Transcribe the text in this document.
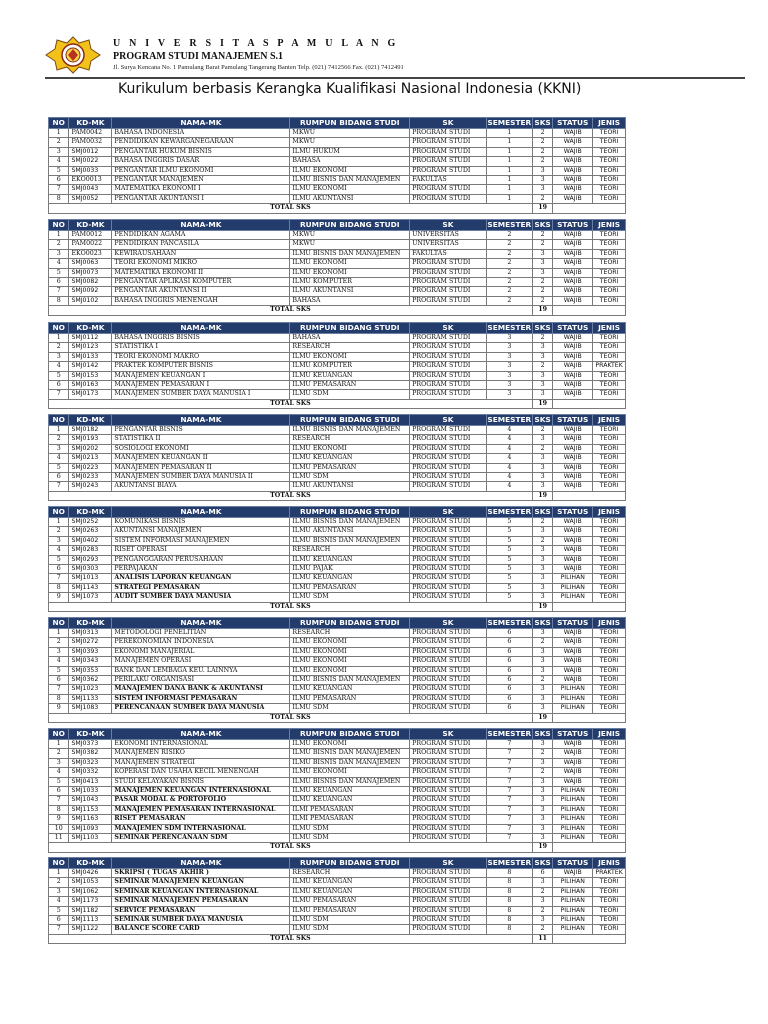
U N I V E R S I T A S P A M U L A N G
PROGRAM STUDI MANAJEMEN S.1
Jl. Surya Kencana No. 1 Pamulang Barat Pamulang Tangerang Banten Telp. (021) 7412566 Fax. (021) 7412491
Kurikulum berbasis Kerangka Kualifikasi Nasional Indonesia (KKNI)
NO	KD-MK	NAMA-MK	RUMPUN BIDANG STUDI	SK	SEMESTER	SKS	STATUS	JENIS
1	PAM0042	BAHASA INDONESIA	MKWU	PROGRAM STUDI	1	2	WAJIB	TEORI
2	PAM0032	PENDIDIKAN KEWARGANEGARAAN	MKWU	PROGRAM STUDI	1	2	WAJIB	TEORI
3	SMJ0012	PENGANTAR HUKUM BISNIS	ILMU HUKUM	PROGRAM STUDI	1	2	WAJIB	TEORI
4	SMJ0022	BAHASA INGGRIS DASAR	BAHASA	PROGRAM STUDI	1	2	WAJIB	TEORI
5	SMJ0033	PENGANTAR ILMU EKONOMI	ILMU EKONOMI	PROGRAM STUDI	1	3	WAJIB	TEORI
6	EKO0013	PENGANTAR MANAJEMEN	ILMU BISNIS DAN MANAJEMEN	FAKULTAS	1	3	WAJIB	TEORI
7	SMJ0043	MATEMATIKA EKONOMI I	ILMU EKONOMI	PROGRAM STUDI	1	3	WAJIB	TEORI
8	SMJ0052	PENGANTAR AKUNTANSI I	ILMU AKUNTANSI	PROGRAM STUDI	1	2	WAJIB	TEORI
TOTAL SKS						19		
NO	KD-MK	NAMA-MK	RUMPUN BIDANG STUDI	SK	SEMESTER	SKS	STATUS	JENIS
1	PAM0012	PENDIDIKAN AGAMA	MKWU	UNIVERSITAS	2	2	WAJIB	TEORI
2	PAM0022	PENDIDIKAN PANCASILA	MKWU	UNIVERSITAS	2	2	WAJIB	TEORI
3	EKO0023	KEWIRAUSAHAAN	ILMU BISNIS DAN MANAJEMEN	FAKULTAS	2	3	WAJIB	TEORI
4	SMJ0063	TEORI EKONOMI MIKRO	ILMU EKONOMI	PROGRAM STUDI	2	3	WAJIB	TEORI
5	SMJ0073	MATEMATIKA EKONOMI II	ILMU EKONOMI	PROGRAM STUDI	2	3	WAJIB	TEORI
6	SMJ0082	PENGANTAR APLIKASI KOMPUTER	ILMU KOMPUTER	PROGRAM STUDI	2	2	WAJIB	TEORI
7	SMJ0092	PENGANTAR AKUNTANSI II	ILMU AKUNTANSI	PROGRAM STUDI	2	2	WAJIB	TEORI
8	SMJ0102	BAHASA INGGRIS MENENGAH	BAHASA	PROGRAM STUDI	2	2	WAJIB	TEORI
TOTAL SKS						19		
NO	KD-MK	NAMA-MK	RUMPUN BIDANG STUDI	SK	SEMESTER	SKS	STATUS	JENIS
1	SMJ0112	BAHASA INGGRIS BISNIS	BAHASA	PROGRAM STUDI	3	2	WAJIB	TEORI
2	SMJ0123	STATISTIKA I	RESEARCH	PROGRAM STUDI	3	3	WAJIB	TEORI
3	SMJ0133	TEORI EKONOMI MAKRO	ILMU EKONOMI	PROGRAM STUDI	3	3	WAJIB	TEORI
4	SMJ0142	PRAKTEK KOMPUTER BISNIS	ILMU KOMPUTER	PROGRAM STUDI	3	2	WAJIB	PRAKTEK
5	SMJ0153	MANAJEMEN KEUANGAN I	ILMU KEUANGAN	PROGRAM STUDI	3	3	WAJIB	TEORI
6	SMJ0163	MANAJEMEN PEMASARAN I	ILMU PEMASARAN	PROGRAM STUDI	3	3	WAJIB	TEORI
7	SMJ0173	MANAJEMEN SUMBER DAYA MANUSIA I	ILMU SDM	PROGRAM STUDI	3	3	WAJIB	TEORI
TOTAL SKS						19		
NO	KD-MK	NAMA-MK	RUMPUN BIDANG STUDI	SK	SEMESTER	SKS	STATUS	JENIS
1	SMJ0182	PENGANTAR BISNIS	ILMU BISNIS DAN MANAJEMEN	PROGRAM STUDI	4	2	WAJIB	TEORI
2	SMJ0193	STATISTIKA II	RESEARCH	PROGRAM STUDI	4	3	WAJIB	TEORI
3	SMJ0202	SOSIOLOGI EKONOMI	ILMU EKONOMI	PROGRAM STUDI	4	2	WAJIB	TEORI
4	SMJ0213	MANAJEMEN KEUANGAN II	ILMU KEUANGAN	PROGRAM STUDI	4	3	WAJIB	TEORI
5	SMJ0223	MANAJEMEN PEMASARAN II	ILMU PEMASARAN	PROGRAM STUDI	4	3	WAJIB	TEORI
6	SMJ0233	MANAJEMEN SUMBER DAYA MANUSIA II	ILMU SDM	PROGRAM STUDI	4	3	WAJIB	TEORI
7	SMJ0243	AKUNTANSI BIAYA	ILMU AKUNTANSI	PROGRAM STUDI	4	3	WAJIB	TEORI
TOTAL SKS						19		
NO	KD-MK	NAMA-MK	RUMPUN BIDANG STUDI	SK	SEMESTER	SKS	STATUS	JENIS
1	SMJ0252	KOMUNIKASI BISNIS	ILMU BISNIS DAN MANAJEMEN	PROGRAM STUDI	5	2	WAJIB	TEORI
2	SMJ0263	AKUNTANSI MANAJEMEN	ILMU AKUNTANSI	PROGRAM STUDI	5	3	WAJIB	TEORI
3	SMJ0402	SISTEM INFORMASI MANAJEMEN	ILMU BISNIS DAN MANAJEMEN	PROGRAM STUDI	5	2	WAJIB	TEORI
4	SMJ0283	RISET OPERASI	RESEARCH	PROGRAM STUDI	5	3	WAJIB	TEORI
5	SMJ0293	PENGANGGARAN PERUSAHAAN	ILMU KEUANGAN	PROGRAM STUDI	5	3	WAJIB	TEORI
6	SMJ0303	PERPAJAKAN	ILMU PAJAK	PROGRAM STUDI	5	3	WAJIB	TEORI
7	SMJ1013	ANALISIS LAPORAN KEUANGAN	ILMU KEUANGAN	PROGRAM STUDI	5	3	PILIHAN	TEORI
8	SMJ1143	STRATEGI PEMASARAN	ILMU PEMASARAN	PROGRAM STUDI	5	3	PILIHAN	TEORI
9	SMJ1073	AUDIT SUMBER DAYA MANUSIA	ILMU SDM	PROGRAM STUDI	5	3	PILIHAN	TEORI
TOTAL SKS						19		
NO	KD-MK	NAMA-MK	RUMPUN BIDANG STUDI	SK	SEMESTER	SKS	STATUS	JENIS
1	SMJ0313	METODOLOGI PENELITIAN	RESEARCH	PROGRAM STUDI	6	3	WAJIB	TEORI
2	SMJ0272	PEREKONOMIAN INDONESIA	ILMU EKONOMI	PROGRAM STUDI	6	2	WAJIB	TEORI
3	SMJ0393	EKONOMI MANAJERIAL	ILMU EKONOMI	PROGRAM STUDI	6	3	WAJIB	TEORI
4	SMJ0343	MANAJEMEN OPERASI	ILMU EKONOMI	PROGRAM STUDI	6	3	WAJIB	TEORI
5	SMJ0353	BANK DAN LEMBAGA KEU. LAINNYA	ILMU EKONOMI	PROGRAM STUDI	6	3	WAJIB	TEORI
6	SMJ0362	PERILAKU ORGANISASI	ILMU BISNIS DAN MANAJEMEN	PROGRAM STUDI	6	2	WAJIB	TEORI
7	SMJ1023	MANAJEMEN DANA BANK & AKUNTANSI	ILMU KEUANGAN	PROGRAM STUDI	6	3	PILIHAN	TEORI
8	SMJ1133	SISTEM INFORMASI PEMASARAN	ILMU PEMASARAN	PROGRAM STUDI	6	3	PILIHAN	TEORI
9	SMJ1083	PERENCANAAN SUMBER DAYA MANUSIA	ILMU SDM	PROGRAM STUDI	6	3	PILIHAN	TEORI
TOTAL SKS						19		
NO	KD-MK	NAMA-MK	RUMPUN BIDANG STUDI	SK	SEMESTER	SKS	STATUS	JENIS
1	SMJ0373	EKONOMI INTERNASIONAL	ILMU EKONOMI	PROGRAM STUDI	7	3	WAJIB	TEORI
2	SMJ0382	MANAJEMEN RISIKO	ILMU BISNIS DAN MANAJEMEN	PROGRAM STUDI	7	2	WAJIB	TEORI
3	SMJ0323	MANAJEMEN STRATEGI	ILMU BISNIS DAN MANAJEMEN	PROGRAM STUDI	7	3	WAJIB	TEORI
4	SMJ0332	KOPERASI DAN USAHA KECIL MENENGAH	ILMU EKONOMI	PROGRAM STUDI	7	2	WAJIB	TEORI
5	SMJ0413	STUDI KELAYAKAN BISNIS	ILMU BISNIS DAN MANAJEMEN	PROGRAM STUDI	7	3	WAJIB	TEORI
6	SMJ1033	MANAJEMEN KEUANGAN INTERNASIONAL	ILMU KEUANGAN	PROGRAM STUDI	7	3	PILIHAN	TEORI
7	SMJ1043	PASAR MODAL & PORTOFOLIO	ILMU KEUANGAN	PROGRAM STUDI	7	3	PILIHAN	TEORI
8	SMJ1153	MANAJEMEN PEMASARAN INTERNASIONAL	ILMI PEMASARAN	PROGRAM STUDI	7	3	PILIHAN	TEORI
9	SMJ1163	RISET PEMASARAN	ILMI PEMASARAN	PROGRAM STUDI	7	3	PILIHAN	TEORI
10	SMJ1093	MANAJEMEN SDM INTERNASIONAL	ILMU SDM	PROGRAM STUDI	7	3	PILIHAN	TEORI
11	SMJ1103	SEMINAR PERENCANAAN SDM	ILMU SDM	PROGRAM STUDI	7	3	PILIHAN	TEORI
TOTAL SKS						19		
NO	KD-MK	NAMA-MK	RUMPUN BIDANG STUDI	SK	SEMESTER	SKS	STATUS	JENIS
1	SMJ0426	SKRIPSI ( TUGAS AKHIR )	RESEARCH	PROGRAM STUDI	8	6	WAJIB	PRAKTEK
2	SMJ1053	SEMINAR MANAJEMEN KEUANGAN	ILMU KEUANGAN	PROGRAM STUDI	8	3	PILIHAN	TEORI
3	SMJ1062	SEMINAR KEUANGAN INTERNASIONAL	ILMU KEUANGAN	PROGRAM STUDI	8	2	PILIHAN	TEORI
4	SMJ1173	SEMINAR MANAJEMEN PEMASARAN	ILMU PEMASARAN	PROGRAM STUDI	8	3	PILIHAN	TEORI
5	SMJ1182	SERVICE PEMASARAN	ILMU PEMASARAN	PROGRAM STUDI	8	2	PILIHAN	TEORI
6	SMJ1113	SEMINAR SUMBER DAYA MANUSIA	ILMU SDM	PROGRAM STUDI	8	3	PILIHAN	TEORI
7	SMJ1122	BALANCE SCORE CARD	ILMU SDM	PROGRAM STUDI	8	2	PILIHAN	TEORI
TOTAL SKS						11		
